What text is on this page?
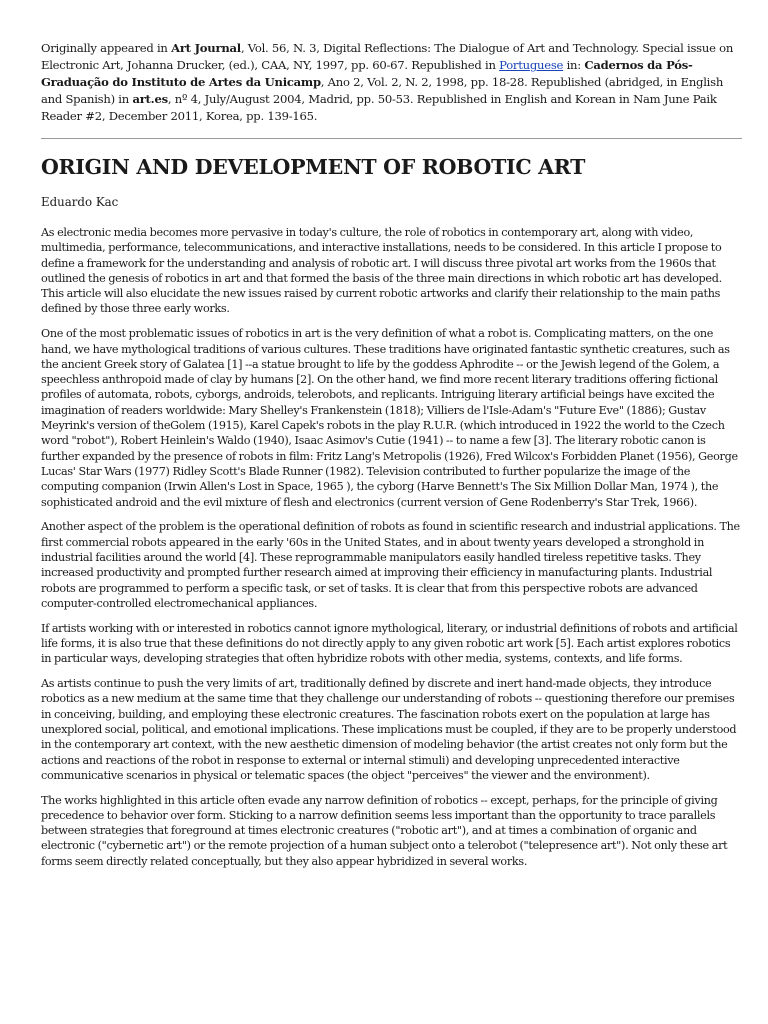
Originally appeared in Art Journal, Vol. 56, N. 3, Digital Reflections: The Dialogue of Art and Technology. Special issue on Electronic Art, Johanna Drucker, (ed.), CAA, NY, 1997, pp. 60-67. Republished in Portuguese in: Cadernos da Pós-Graduação do Instituto de Artes da Unicamp, Ano 2, Vol. 2, N. 2, 1998, pp. 18-28. Republished (abridged, in English and Spanish) in art.es, nº 4, July/August 2004, Madrid, pp. 50-53. Republished in English and Korean in Nam June Paik Reader #2, December 2011, Korea, pp. 139-165.

ORIGIN AND DEVELOPMENT OF ROBOTIC ART

Eduardo Kac

As electronic media becomes more pervasive in today's culture, the role of robotics in contemporary art, along with video, multimedia, performance, telecommunications, and interactive installations, needs to be considered. In this article I propose to define a framework for the understanding and analysis of robotic art. I will discuss three pivotal art works from the 1960s that outlined the genesis of robotics in art and that formed the basis of the three main directions in which robotic art has developed. This article will also elucidate the new issues raised by current robotic artworks and clarify their relationship to the main paths defined by those three early works.

One of the most problematic issues of robotics in art is the very definition of what a robot is. Complicating matters, on the one hand, we have mythological traditions of various cultures. These traditions have originated fantastic synthetic creatures, such as the ancient Greek story of Galatea [1] --a statue brought to life by the goddess Aphrodite -- or the Jewish legend of the Golem, a speechless anthropoid made of clay by humans [2]. On the other hand, we find more recent literary traditions offering fictional profiles of automata, robots, cyborgs, androids, telerobots, and replicants. Intriguing literary artificial beings have excited the imagination of readers worldwide: Mary Shelley's Frankenstein (1818); Villiers de l'Isle-Adam's "Future Eve" (1886); Gustav Meyrink's version of theGolem (1915), Karel Capek's robots in the play R.U.R. (which introduced in 1922 the world to the Czech word "robot"), Robert Heinlein's Waldo (1940), Isaac Asimov's Cutie (1941) -- to name a few [3]. The literary robotic canon is further expanded by the presence of robots in film: Fritz Lang's Metropolis (1926), Fred Wilcox's Forbidden Planet (1956), George Lucas' Star Wars (1977) Ridley Scott's Blade Runner (1982). Television contributed to further popularize the image of the computing companion (Irwin Allen's Lost in Space, 1965 ), the cyborg (Harve Bennett's The Six Million Dollar Man, 1974 ), the sophisticated android and the evil mixture of flesh and electronics (current version of Gene Rodenberry's Star Trek, 1966).

Another aspect of the problem is the operational definition of robots as found in scientific research and industrial applications. The first commercial robots appeared in the early '60s in the United States, and in about twenty years developed a stronghold in industrial facilities around the world [4]. These reprogrammable manipulators easily handled tireless repetitive tasks. They increased productivity and prompted further research aimed at improving their efficiency in manufacturing plants. Industrial robots are programmed to perform a specific task, or set of tasks. It is clear that from this perspective robots are advanced computer-controlled electromechanical appliances.

If artists working with or interested in robotics cannot ignore mythological, literary, or industrial definitions of robots and artificial life forms, it is also true that these definitions do not directly apply to any given robotic art work [5]. Each artist explores robotics in particular ways, developing strategies that often hybridize robots with other media, systems, contexts, and life forms.

As artists continue to push the very limits of art, traditionally defined by discrete and inert hand-made objects, they introduce robotics as a new medium at the same time that they challenge our understanding of robots -- questioning therefore our premises in conceiving, building, and employing these electronic creatures. The fascination robots exert on the population at large has unexplored social, political, and emotional implications. These implications must be coupled, if they are to be properly understood in the contemporary art context, with the new aesthetic dimension of modeling behavior (the artist creates not only form but the actions and reactions of the robot in response to external or internal stimuli) and developing unprecedented interactive communicative scenarios in physical or telematic spaces (the object "perceives" the viewer and the environment).

The works highlighted in this article often evade any narrow definition of robotics -- except, perhaps, for the principle of giving precedence to behavior over form. Sticking to a narrow definition seems less important than the opportunity to trace parallels between strategies that foreground at times electronic creatures ("robotic art"), and at times a combination of organic and electronic ("cybernetic art") or the remote projection of a human subject onto a telerobot ("telepresence art"). Not only these art forms seem directly related conceptually, but they also appear hybridized in several works.
